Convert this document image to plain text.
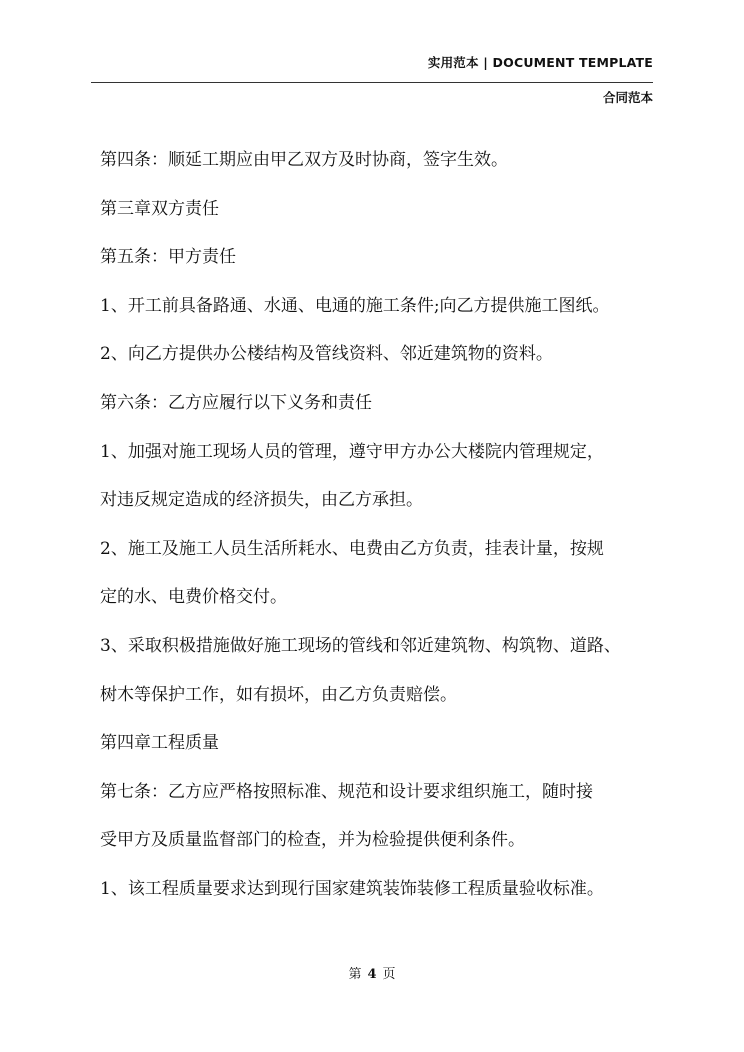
实用范本 | DOCUMENT TEMPLATE
合同范本

第四条：顺延工期应由甲乙双方及时协商，签字生效。

第三章双方责任

第五条：甲方责任

1、开工前具备路通、水通、电通的施工条件;向乙方提供施工图纸。

2、向乙方提供办公楼结构及管线资料、邻近建筑物的资料。

第六条：乙方应履行以下义务和责任

1、加强对施工现场人员的管理，遵守甲方办公大楼院内管理规定，

对违反规定造成的经济损失，由乙方承担。

2、施工及施工人员生活所耗水、电费由乙方负责，挂表计量，按规

定的水、电费价格交付。

3、采取积极措施做好施工现场的管线和邻近建筑物、构筑物、道路、

树木等保护工作，如有损坏，由乙方负责赔偿。

第四章工程质量

第七条：乙方应严格按照标准、规范和设计要求组织施工，随时接

受甲方及质量监督部门的检查，并为检验提供便利条件。

1、该工程质量要求达到现行国家建筑装饰装修工程质量验收标准。

第 4 页
